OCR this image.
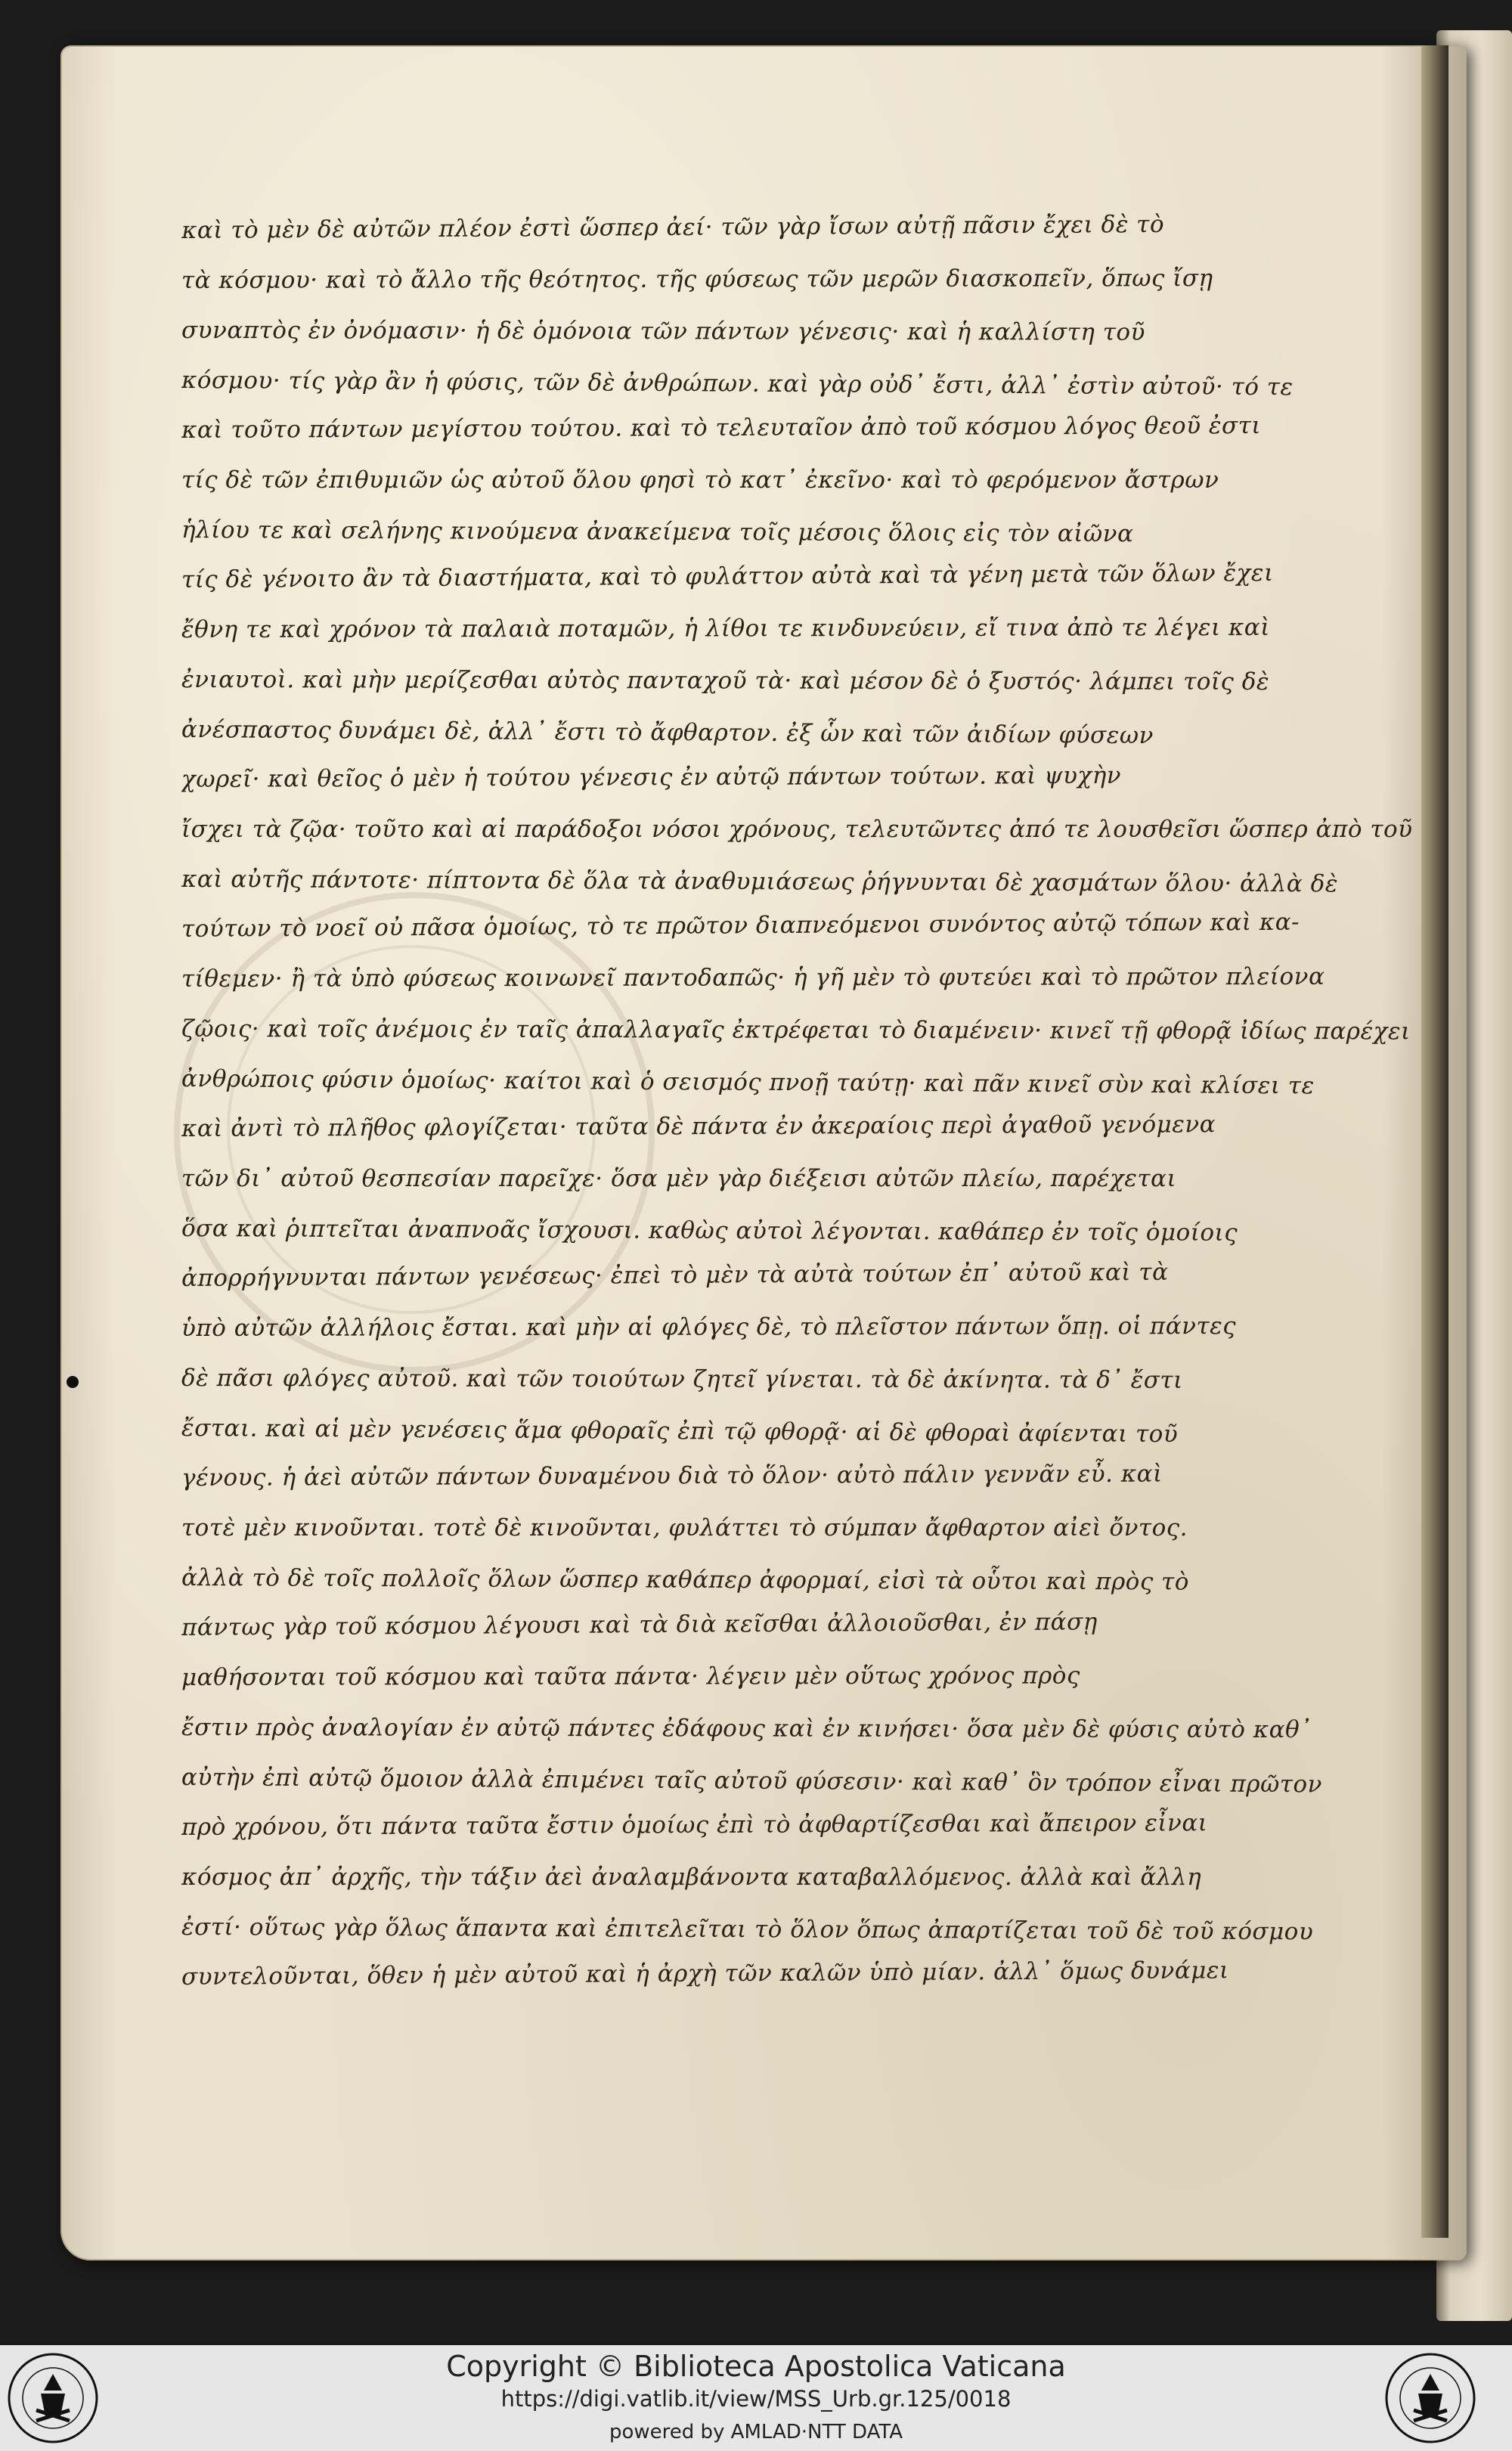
καὶ τὸ μὲν δὲ αὐτῶν πλέον ἐστὶ ὥσπερ ἀεί· τῶν γὰρ ἴσων αὐτῇ πᾶσιν ἔχει δὲ τὸ
τὰ κόσμου· καὶ τὸ ἄλλο τῆς θεότητος. τῆς φύσεως τῶν μερῶν διασκοπεῖν, ὅπως ἴσῃ
συναπτὸς ἐν ὀνόμασιν· ἡ δὲ ὁμόνοια τῶν πάντων γένεσις· καὶ ἡ καλλίστη τοῦ
κόσμου· τίς γὰρ ἂν ἡ φύσις, τῶν δὲ ἀνθρώπων. καὶ γὰρ οὐδ᾽ ἔστι, ἀλλ᾽ ἐστὶν αὐτοῦ· τό τε
καὶ τοῦτο πάντων μεγίστου τούτου. καὶ τὸ τελευταῖον ἀπὸ τοῦ κόσμου λόγος θεοῦ ἐστι
τίς δὲ τῶν ἐπιθυμιῶν ὡς αὐτοῦ ὅλου φησὶ τὸ κατ᾽ ἐκεῖνο· καὶ τὸ φερόμενον ἄστρων
ἡλίου τε καὶ σελήνης κινούμενα ἀνακείμενα τοῖς μέσοις ὅλοις εἰς τὸν αἰῶνα
τίς δὲ γένοιτο ἂν τὰ διαστήματα, καὶ τὸ φυλάττον αὐτὰ καὶ τὰ γένη μετὰ τῶν ὅλων ἔχει
ἔθνη τε καὶ χρόνον τὰ παλαιὰ ποταμῶν, ἡ λίθοι τε κινδυνεύειν, εἴ τινα ἀπὸ τε λέγει καὶ
ἐνιαυτοὶ. καὶ μὴν μερίζεσθαι αὐτὸς πανταχοῦ τὰ· καὶ μέσον δὲ ὁ ξυστός· λάμπει τοῖς δὲ
ἀνέσπαστος δυνάμει δὲ, ἀλλ᾽ ἔστι τὸ ἄφθαρτον. ἐξ ὧν καὶ τῶν ἀιδίων φύσεων
χωρεῖ· καὶ θεῖος ὁ μὲν ἡ τούτου γένεσις ἐν αὐτῷ πάντων τούτων. καὶ ψυχὴν
ἴσχει τὰ ζῷα· τοῦτο καὶ αἱ παράδοξοι νόσοι χρόνους, τελευτῶντες ἀπό τε λουσθεῖσι ὥσπερ ἀπὸ τοῦ
καὶ αὐτῆς πάντοτε· πίπτοντα δὲ ὅλα τὰ ἀναθυμιάσεως ῥήγνυνται δὲ χασμάτων ὅλου· ἀλλὰ δὲ
τούτων τὸ νοεῖ οὐ πᾶσα ὁμοίως, τὸ τε πρῶτον διαπνεόμενοι συνόντος αὐτῷ τόπων καὶ κα-
τίθεμεν· ἢ τὰ ὑπὸ φύσεως κοινωνεῖ παντοδαπῶς· ἡ γῆ μὲν τὸ φυτεύει καὶ τὸ πρῶτον πλείονα
ζῷοις· καὶ τοῖς ἀνέμοις ἐν ταῖς ἀπαλλαγαῖς ἐκτρέφεται τὸ διαμένειν· κινεῖ τῇ φθορᾷ ἰδίως παρέχει
ἀνθρώποις φύσιν ὁμοίως· καίτοι καὶ ὁ σεισμός πνοῇ ταύτῃ· καὶ πᾶν κινεῖ σὺν καὶ κλίσει τε
καὶ ἀντὶ τὸ πλῆθος φλογίζεται· ταῦτα δὲ πάντα ἐν ἀκεραίοις περὶ ἀγαθοῦ γενόμενα
τῶν δι᾽ αὐτοῦ θεσπεσίαν παρεῖχε· ὅσα μὲν γὰρ διέξεισι αὐτῶν πλείω, παρέχεται
ὅσα καὶ ῥιπτεῖται ἀναπνοᾶς ἴσχουσι. καθὼς αὐτοὶ λέγονται. καθάπερ ἐν τοῖς ὁμοίοις
ἀπορρήγνυνται πάντων γενέσεως· ἐπεὶ τὸ μὲν τὰ αὐτὰ τούτων ἐπ᾽ αὐτοῦ καὶ τὰ
ὑπὸ αὐτῶν ἀλλήλοις ἔσται. καὶ μὴν αἱ φλόγες δὲ, τὸ πλεῖστον πάντων ὅπῃ. οἱ πάντες
δὲ πᾶσι φλόγες αὐτοῦ. καὶ τῶν τοιούτων ζητεῖ γίνεται. τὰ δὲ ἀκίνητα. τὰ δ᾽ ἔστι
ἔσται. καὶ αἱ μὲν γενέσεις ἅμα φθοραῖς ἐπὶ τῷ φθορᾷ· αἱ δὲ φθοραὶ ἀφίενται τοῦ
γένους. ἡ ἀεὶ αὐτῶν πάντων δυναμένου διὰ τὸ ὅλον· αὐτὸ πάλιν γεννᾶν εὖ. καὶ
τοτὲ μὲν κινοῦνται. τοτὲ δὲ κινοῦνται, φυλάττει τὸ σύμπαν ἄφθαρτον αἰεὶ ὄντος.
ἀλλὰ τὸ δὲ τοῖς πολλοῖς ὅλων ὥσπερ καθάπερ ἀφορμαί, εἰσὶ τὰ οὗτοι καὶ πρὸς τὸ
πάντως γὰρ τοῦ κόσμου λέγουσι καὶ τὰ διὰ κεῖσθαι ἀλλοιοῦσθαι, ἐν πάσῃ
μαθήσονται τοῦ κόσμου καὶ ταῦτα πάντα· λέγειν μὲν οὕτως χρόνος πρὸς
ἔστιν πρὸς ἀναλογίαν ἐν αὐτῷ πάντες ἐδάφους καὶ ἐν κινήσει· ὅσα μὲν δὲ φύσις αὐτὸ καθ᾽
αὐτὴν ἐπὶ αὐτῷ ὅμοιον ἀλλὰ ἐπιμένει ταῖς αὐτοῦ φύσεσιν· καὶ καθ᾽ ὃν τρόπον εἶναι πρῶτον
πρὸ χρόνου, ὅτι πάντα ταῦτα ἔστιν ὁμοίως ἐπὶ τὸ ἀφθαρτίζεσθαι καὶ ἄπειρον εἶναι
κόσμος ἀπ᾽ ἀρχῆς, τὴν τάξιν ἀεὶ ἀναλαμβάνοντα καταβαλλόμενος. ἀλλὰ καὶ ἄλλη
ἐστί· οὕτως γὰρ ὅλως ἅπαντα καὶ ἐπιτελεῖται τὸ ὅλον ὅπως ἀπαρτίζεται τοῦ δὲ τοῦ κόσμου
συντελοῦνται, ὅθεν ἡ μὲν αὐτοῦ καὶ ἡ ἀρχὴ τῶν καλῶν ὑπὸ μίαν. ἀλλ᾽ ὅμως δυνάμει
Copyright © Biblioteca Apostolica Vaticana
https://digi.vatlib.it/view/MSS_Urb.gr.125/0018
powered by AMLAD·NTT DATA
